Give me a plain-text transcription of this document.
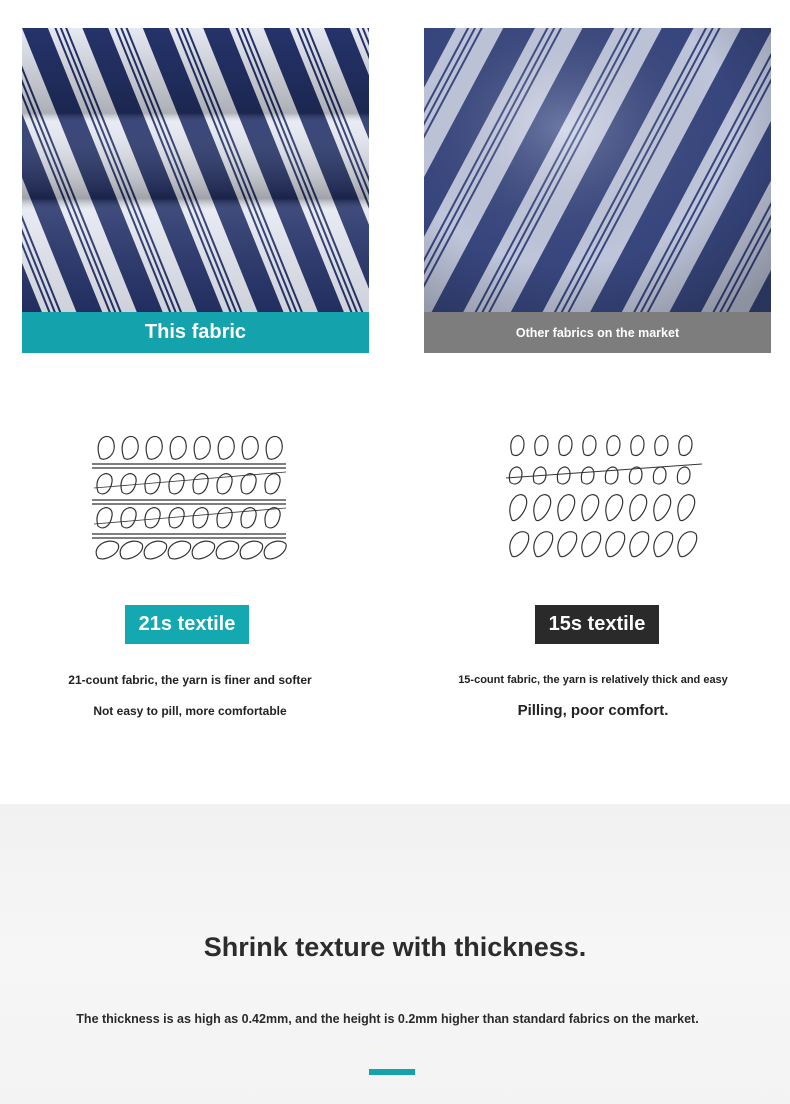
This fabric	Other fabrics on the market
21s textile	15s textile
21-count fabric, the yarn is finer and softer
Not easy to pill, more comfortable
15-count fabric, the yarn is relatively thick and easy
Pilling, poor comfort.
Shrink texture with thickness.
The thickness is as high as 0.42mm, and the height is 0.2mm higher than standard fabrics on the market.
